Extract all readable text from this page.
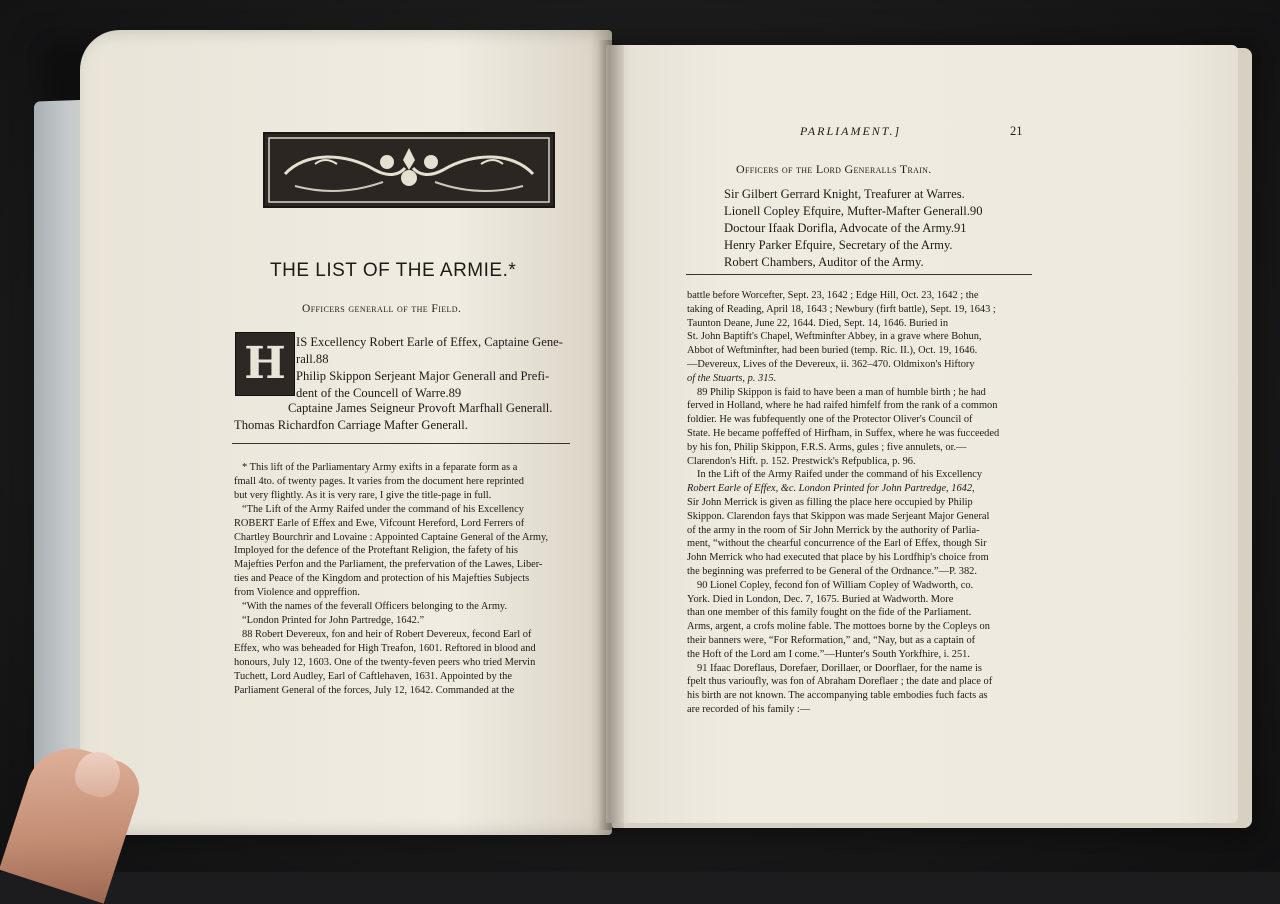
THE LIST OF THE ARMIE.*

Officers generall of the Field.

H IS Excellency Robert Earle of Effex, Captaine Gene-

rall.88

Philip Skippon Serjeant Major Generall and Prefi-

dent of the Councell of Warre.89

Captaine James Seigneur Provoft Marfhall Generall.

Thomas Richardfon Carriage Mafter Generall.

* This lift of the Parliamentary Army exifts in a feparate form as a

fmall 4to. of twenty pages. It varies from the document here reprinted

but very flightly. As it is very rare, I give the title-page in full.

“The Lift of the Army Raifed under the command of his Excellency

ROBERT Earle of Effex and Ewe, Vifcount Hereford, Lord Ferrers of

Chartley Bourchrir and Lovaine : Appointed Captaine General of the Army,

Imployed for the defence of the Proteftant Religion, the fafety of his

Majefties Perfon and the Parliament, the prefervation of the Lawes, Liber-

ties and Peace of the Kingdom and protection of his Majefties Subjects

from Violence and oppreffion.

“With the names of the feverall Officers belonging to the Army.

“London Printed for John Partredge, 1642.”

88 Robert Devereux, fon and heir of Robert Devereux, fecond Earl of

Effex, who was beheaded for High Treafon, 1601. Reftored in blood and

honours, July 12, 1603. One of the twenty-feven peers who tried Mervin

Tuchett, Lord Audley, Earl of Caftlehaven, 1631. Appointed by the

Parliament General of the forces, July 12, 1642. Commanded at the

PARLIAMENT.]	21

Officers of the Lord Generalls Train.

Sir Gilbert Gerrard Knight, Treafurer at Warres.

Lionell Copley Efquire, Mufter-Mafter Generall.90

Doctour Ifaak Dorifla, Advocate of the Army.91

Henry Parker Efquire, Secretary of the Army.

Robert Chambers, Auditor of the Army.

battle before Worcefter, Sept. 23, 1642 ; Edge Hill, Oct. 23, 1642 ; the

taking of Reading, April 18, 1643 ; Newbury (firft battle), Sept. 19, 1643 ;

Taunton Deane, June 22, 1644. Died, Sept. 14, 1646. Buried in

St. John Baptift's Chapel, Weftminfter Abbey, in a grave where Bohun,

Abbot of Weftminfter, had been buried (temp. Ric. II.), Oct. 19, 1646.

—Devereux, Lives of the Devereux, ii. 362–470. Oldmixon's Hiftory

of the Stuarts, p. 315.

89 Philip Skippon is faid to have been a man of humble birth ; he had

ferved in Holland, where he had raifed himfelf from the rank of a common

foldier. He was fubfequently one of the Protector Oliver's Council of

State. He became poffeffed of Hirfham, in Suffex, where he was fucceeded

by his fon, Philip Skippon, F.R.S. Arms, gules ; five annulets, or.—

Clarendon's Hift. p. 152. Prestwick's Refpublica, p. 96.

In the Lift of the Army Raifed under the command of his Excellency

Robert Earle of Effex, &c. London Printed for John Partredge, 1642,

Sir John Merrick is given as filling the place here occupied by Philip

Skippon. Clarendon fays that Skippon was made Serjeant Major General

of the army in the room of Sir John Merrick by the authority of Parlia-

ment, “without the chearful concurrence of the Earl of Effex, though Sir

John Merrick who had executed that place by his Lordfhip's choice from

the beginning was preferred to be General of the Ordnance.”—P. 382.

90 Lionel Copley, fecond fon of William Copley of Wadworth, co.

York. Died in London, Dec. 7, 1675. Buried at Wadworth. More

than one member of this family fought on the fide of the Parliament.

Arms, argent, a crofs moline fable. The mottoes borne by the Copleys on

their banners were, “For Reformation,” and, “Nay, but as a captain of

the Hoft of the Lord am I come.”—Hunter's South Yorkfhire, i. 251.

91 Ifaac Doreflaus, Dorefaer, Dorillaer, or Doorflaer, for the name is

fpelt thus varioufly, was fon of Abraham Doreflaer ; the date and place of

his birth are not known. The accompanying table embodies fuch facts as

are recorded of his family :—
